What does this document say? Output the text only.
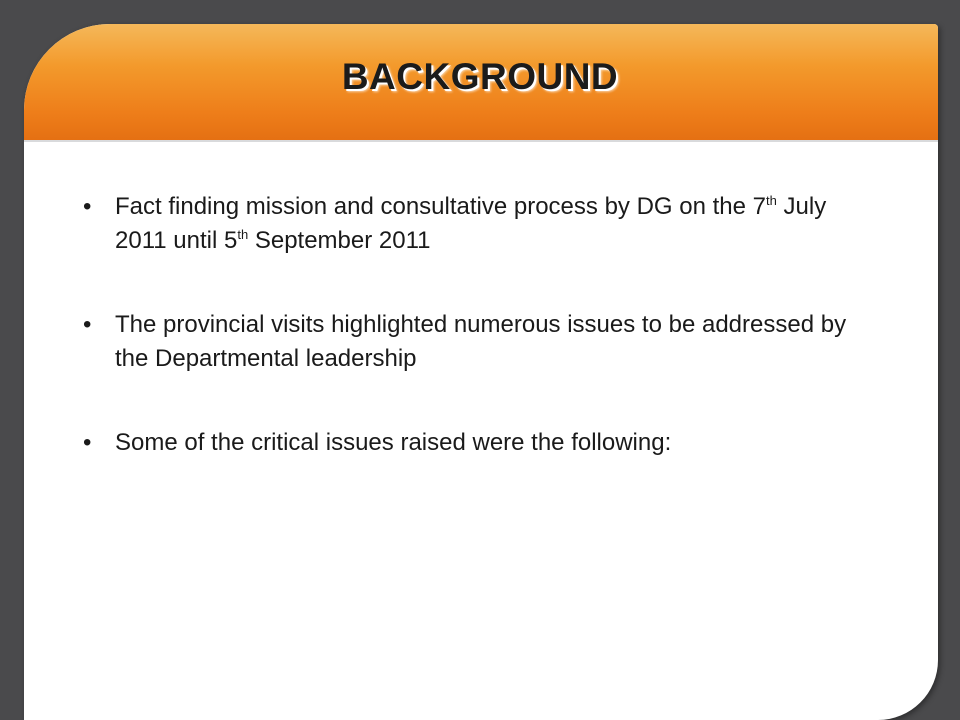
BACKGROUND
• Fact finding mission and consultative process by DG on the 7th July 2011 until 5th September 2011
• The provincial visits highlighted numerous issues to be addressed by the Departmental leadership
• Some of the critical issues raised were the following:
